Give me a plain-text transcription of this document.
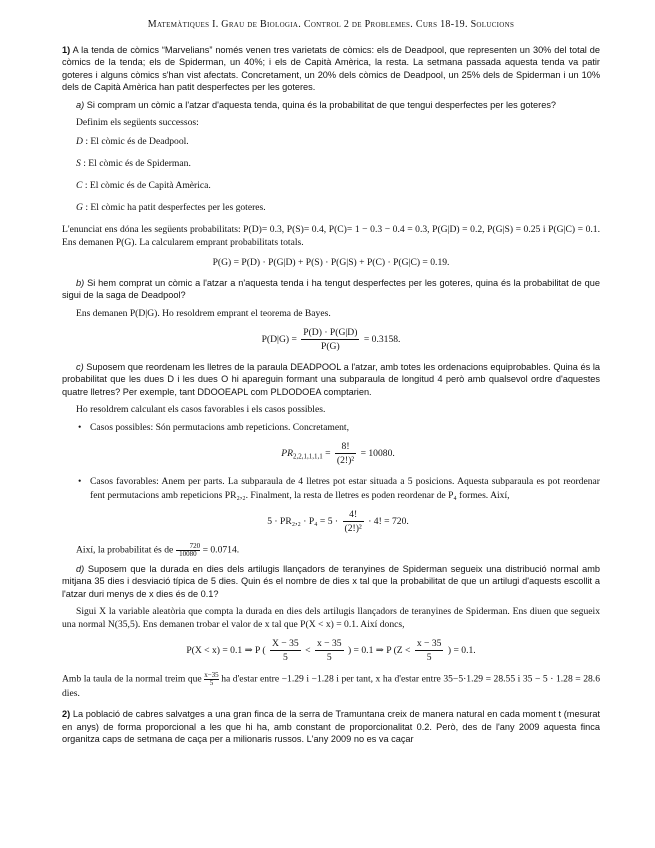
Matemàtiques I. Grau de Biologia. Control 2 de Problemes. Curs 18-19. Solucions

1) A la tenda de còmics “Marvelians” només venen tres varietats de còmics: els de Deadpool, que representen un 30% del total de còmics de la tenda; els de Spiderman, un 40%; i els de Capità Amèrica, la resta. La setmana passada aquesta tenda va patir goteres i alguns còmics s'han vist afectats. Concretament, un 20% dels còmics de Deadpool, un 25% dels de Spiderman i un 10% dels de Capità Amèrica han patit desperfectes per les goteres.

a) Si compram un còmic a l'atzar d'aquesta tenda, quina és la probabilitat de que tengui desperfectes per les goteres?

Definim els següents successos:

D : El còmic és de Deadpool.
S : El còmic és de Spiderman.
C : El còmic és de Capità Amèrica.
G : El còmic ha patit desperfectes per les goteres.

L'enunciat ens dóna les següents probabilitats: P(D)= 0.3, P(S)= 0.4, P(C)= 1 − 0.3 − 0.4 = 0.3, P(G|D) = 0.2, P(G|S) = 0.25 i P(G|C) = 0.1. Ens demanen P(G). La calcularem emprant probabilitats totals.

P(G) = P(D) · P(G|D) + P(S) · P(G|S) + P(C) · P(G|C) = 0.19.

b) Si hem comprat un còmic a l'atzar a n'aquesta tenda i ha tengut desperfectes per les goteres, quina és la probabilitat de que sigui de la saga de Deadpool?

Ens demanen P(D|G). Ho resoldrem emprant el teorema de Bayes.

$P(D|G) = \frac{P(D) \cdot P(G|D)}{P(G)} = 0.3158$.

c) Suposem que reordenam les lletres de la paraula DEADPOOL a l'atzar, amb totes les ordenacions equiprobables. Quina és la probabilitat que les dues D i les dues O hi apareguin formant una subparaula de longitud 4 però amb qualsevol ordre d'aquestes quatre lletres? Per exemple, tant DDOOEAPL com PLDODOEA comptarien.

Ho resoldrem calculant els casos favorables i els casos possibles.

• Casos possibles: Són permutacions amb repeticions. Concretament,
$PR_{2,2,1,1,1,1} = \frac{8!}{\text{(2!)²}} = 10080$.
• Casos favorables: Anem per parts. La subparaula de 4 lletres pot estar situada a 5 posicions. Aquesta subparaula es pot reordenar fent permutacions amb repeticions PR₂,₂. Finalment, la resta de lletres es poden reordenar de P₄ formes. Així,
$5 \cdot PR_2,_2 \cdot P_4 = 5 \cdot \frac{4!}{\text{(2!)²}} \cdot 4$! = 720.

Així, la probabilitat és de $\frac{720}{10080} = 0.0714$.

d) Suposem que la durada en dies dels artilugis llançadors de teranyines de Spiderman segueix una distribució normal amb mitjana 35 dies i desviació típica de 5 dies. Quin és el nombre de dies x tal que la probabilitat de que un artilugi d'aquests escollit a l'atzar duri menys de x dies és de 0.1?

Sigui X la variable aleatòria que compta la durada en dies dels artilugis llançadors de teranyines de Spiderman. Ens diuen que segueix una normal N(35,5). Ens demanen trobar el valor de x tal que P(X < x) = 0.1. Així doncs,

P(X < x) = 0.1 ⇒ P ( $\frac{X - 35}{5} < \frac{x - 35}{5}$ ) = 0.1 ⇒ P ($Z < \frac{x - 35}{5}$ ) = 0.1.

Amb la taula de la normal treim que $\frac{x-35}{5}$ ha d'estar entre −1.29 i −1.28 i per tant, x ha d'estar entre 35−5·1.29 = 28.55 i 35 − 5 · 1.28 = 28.6 dies.

2) La població de cabres salvatges a una gran finca de la serra de Tramuntana creix de manera natural en cada moment t (mesurat en anys) de forma proporcional a les que hi ha, amb constant de proporcionalitat 0.2. Però, des de l'any 2009 aquesta finca organitza caps de setmana de caça per a milionaris russos. L'any 2009 no es va caçar
